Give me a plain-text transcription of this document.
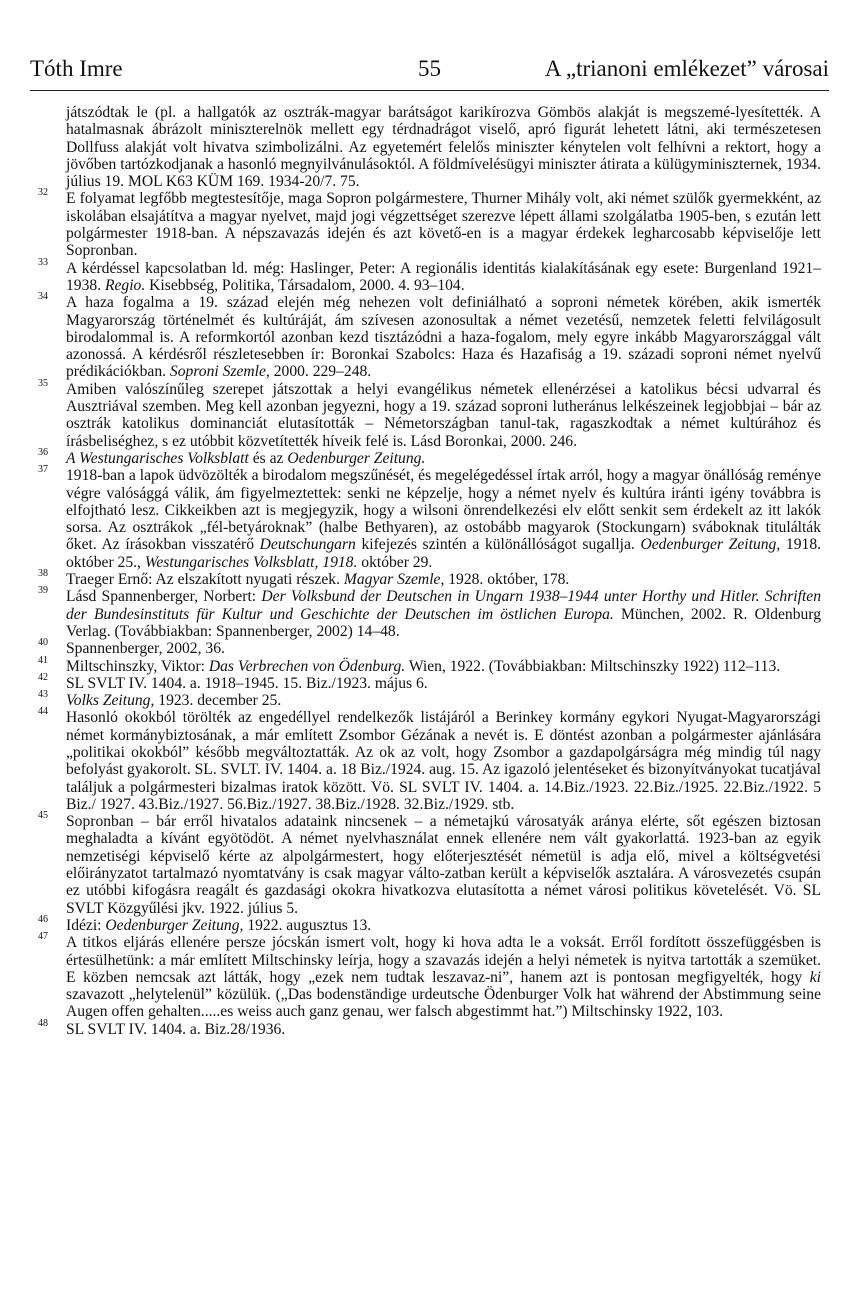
Tóth Imre	55	A „trianoni emlékezet” városai
játszódtak le (pl. a hallgatók az osztrák-magyar barátságot karikírozva Gömbös alakját is megszemé-lyesítették. A hatalmasnak ábrázolt miniszterelnök mellett egy térdnadrágot viselő, apró figurát lehetett látni, aki természetesen Dollfuss alakját volt hivatva szimbolizálni. Az egyetemért felelős miniszter kénytelen volt felhívni a rektort, hogy a jövőben tartózkodjanak a hasonló megnyilvánulásoktól. A földmívelésügyi miniszter átirata a külügyminiszternek, 1934. július 19. MOL K63 KÜM 169. 1934-20/7. 75.
32 E folyamat legfőbb megtestesítője, maga Sopron polgármestere, Thurner Mihály volt, aki német szülők gyermekként, az iskolában elsajátítva a magyar nyelvet, majd jogi végzettséget szerezve lépett állami szolgálatba 1905-ben, s ezután lett polgármester 1918-ban. A népszavazás idején és azt követő-en is a magyar érdekek legharcosabb képviselője lett Sopronban.
33 A kérdéssel kapcsolatban ld. még: Haslinger, Peter: A regionális identitás kialakításának egy esete: Burgenland 1921–1938. Regio. Kisebbség, Politika, Társadalom, 2000. 4. 93–104.
34 A haza fogalma a 19. század elején még nehezen volt definiálható a soproni németek körében, akik ismerték Magyarország történelmét és kultúráját, ám szívesen azonosultak a német vezetésű, nemzetek feletti felvilágosult birodalommal is. A reformkortól azonban kezd tisztázódni a haza-fogalom, mely egyre inkább Magyarországgal vált azonossá. A kérdésről részletesebben ír: Boronkai Szabolcs: Haza és Hazafiság a 19. századi soproni német nyelvű prédikációkban. Soproni Szemle, 2000. 229–248.
35 Amiben valószínűleg szerepet játszottak a helyi evangélikus németek ellenérzései a katolikus bécsi udvarral és Ausztriával szemben. Meg kell azonban jegyezni, hogy a 19. század soproni lutheránus lelkészeinek legjobbjai – bár az osztrák katolikus dominanciát elutasították – Németországban tanul-tak, ragaszkodtak a német kultúrához és írásbeliséghez, s ez utóbbit közvetítették híveik felé is. Lásd Boronkai, 2000. 246.
36 A Westungarisches Volksblatt és az Oedenburger Zeitung.
37 1918-ban a lapok üdvözölték a birodalom megszűnését, és megelégedéssel írtak arról, hogy a magyar önállóság reménye végre valósággá válik, ám figyelmeztettek: senki ne képzelje, hogy a német nyelv és kultúra iránti igény továbbra is elfojtható lesz. Cikkeikben azt is megjegyzik, hogy a wilsoni önrendelkezési elv előtt senkit sem érdekelt az itt lakók sorsa. Az osztrákok „fél-betyároknak” (halbe Bethyaren), az ostobább magyarok (Stockungarn) sváboknak titulálták őket. Az írásokban visszatérő Deutschungarn kifejezés szintén a különállóságot sugallja. Oedenburger Zeitung, 1918. október 25., Westungarisches Volksblatt, 1918. október 29.
38 Traeger Ernő: Az elszakított nyugati részek. Magyar Szemle, 1928. október, 178.
39 Lásd Spannenberger, Norbert: Der Volksbund der Deutschen in Ungarn 1938–1944 unter Horthy und Hitler. Schriften der Bundesinstituts für Kultur und Geschichte der Deutschen im östlichen Europa. München, 2002. R. Oldenburg Verlag. (Továbbiakban: Spannenberger, 2002) 14–48.
40 Spannenberger, 2002, 36.
41 Miltschinszky, Viktor: Das Verbrechen von Ödenburg. Wien, 1922. (Továbbiakban: Miltschinszky 1922) 112–113.
42 SL SVLT IV. 1404. a. 1918–1945. 15. Biz./1923. május 6.
43 Volks Zeitung, 1923. december 25.
44 Hasonló okokból törölték az engedéllyel rendelkezők listájáról a Berinkey kormány egykori Nyugat-Magyarországi német kormánybiztosának, a már említett Zsombor Gézának a nevét is. E döntést azonban a polgármester ajánlására „politikai okokból” később megváltoztatták. Az ok az volt, hogy Zsombor a gazdapolgárságra még mindig túl nagy befolyást gyakorolt. SL. SVLT. IV. 1404. a. 18 Biz./1924. aug. 15. Az igazoló jelentéseket és bizonyítványokat tucatjával találjuk a polgármesteri bizalmas iratok között. Vö. SL SVLT IV. 1404. a. 14.Biz./1923. 22.Biz./1925. 22.Biz./1922. 5 Biz./ 1927. 43.Biz./1927. 56.Biz./1927. 38.Biz./1928. 32.Biz./1929. stb.
45 Sopronban – bár erről hivatalos adataink nincsenek – a németajkú városatyák aránya elérte, sőt egészen biztosan meghaladta a kívánt egyötödöt. A német nyelvhasználat ennek ellenére nem vált gyakorlattá. 1923-ban az egyik nemzetiségi képviselő kérte az alpolgármestert, hogy előterjesztését németül is adja elő, mivel a költségvetési előirányzatot tartalmazó nyomtatvány is csak magyar válto-zatban került a képviselők asztalára. A városvezetés csupán ez utóbbi kifogásra reagált és gazdasági okokra hivatkozva elutasította a német városi politikus követelését. Vö. SL SVLT Közgyűlési jkv. 1922. július 5.
46 Idézi: Oedenburger Zeitung, 1922. augusztus 13.
47 A titkos eljárás ellenére persze jócskán ismert volt, hogy ki hova adta le a voksát. Erről fordított összefüggésben is értesülhetünk: a már említett Miltschinsky leírja, hogy a szavazás idején a helyi németek is nyitva tartották a szemüket. E közben nemcsak azt látták, hogy „ezek nem tudtak leszavaz-ni”, hanem azt is pontosan megfigyelték, hogy ki szavazott „helytelenül” közülük. („Das bodenständige urdeutsche Ödenburger Volk hat während der Abstimmung seine Augen offen gehalten.....es weiss auch ganz genau, wer falsch abgestimmt hat.”) Miltschinsky 1922, 103.
48 SL SVLT IV. 1404. a. Biz.28/1936.
